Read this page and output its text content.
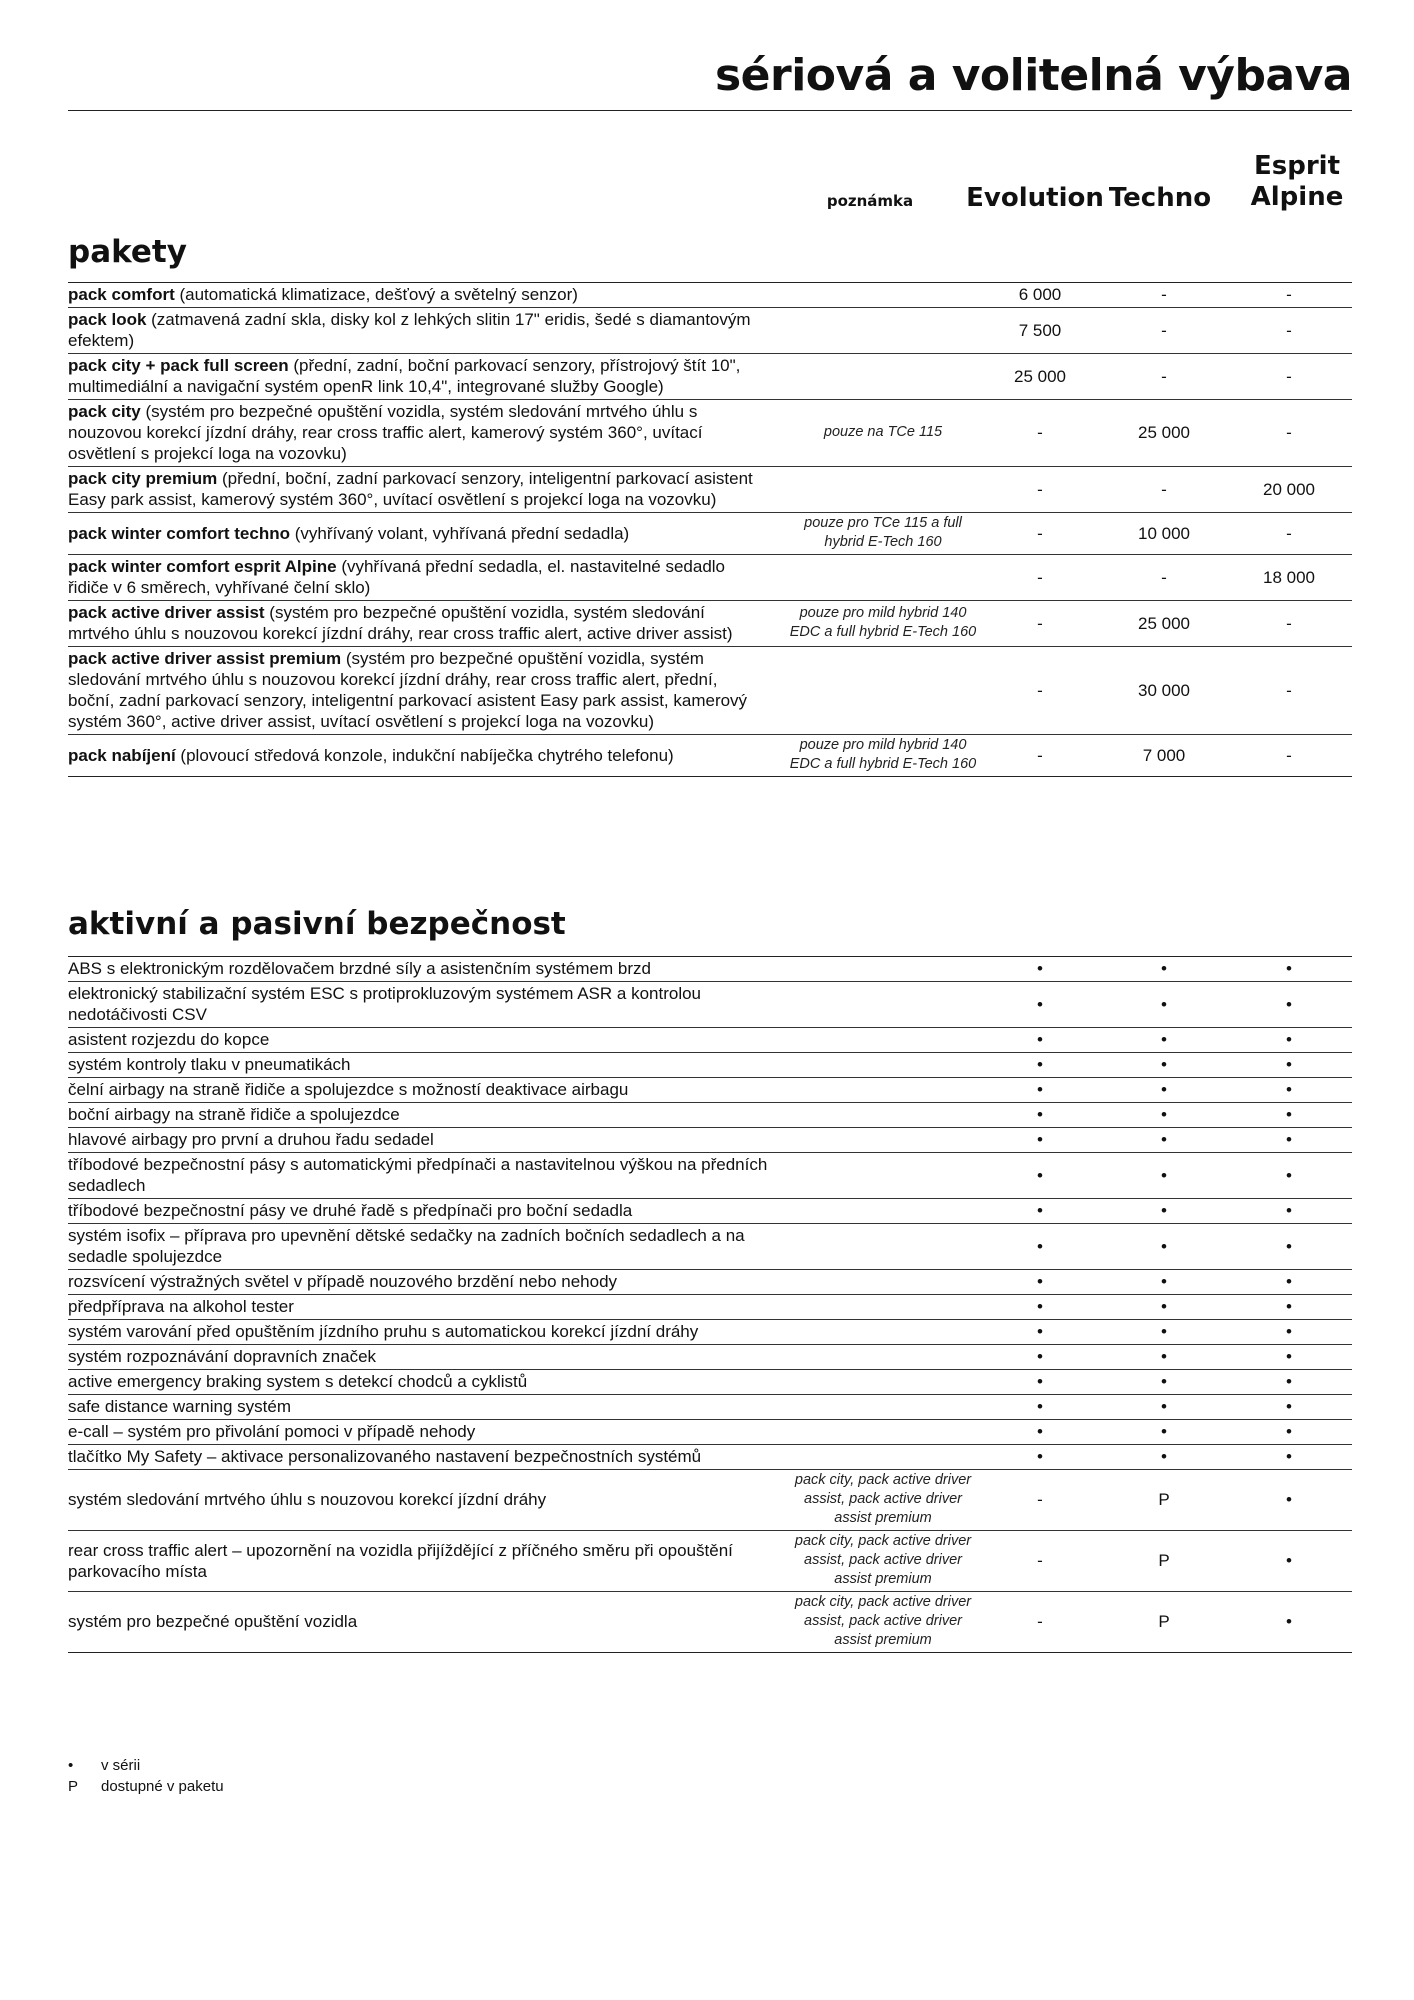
sériová a volitelná výbava
poznámka	Evolution Techno
Esprit
Alpine
pakety
pack comfort (automatická klimatizace, dešťový a světelný senzor)		6 000	-	-
pack look (zatmavená zadní skla, disky kol z lehkých slitin 17" eridis, šedé s diamantovým efektem)		7 500	-	-
pack city + pack full screen (přední, zadní, boční parkovací senzory, přístrojový štít 10", multimediální a navigační systém openR link 10,4", integrované služby Google)		25 000	-	-
pack city (systém pro bezpečné opuštění vozidla, systém sledování mrtvého úhlu s nouzovou korekcí jízdní dráhy, rear cross traffic alert, kamerový systém 360°, uvítací osvětlení s projekcí loga na vozovku)	pouze na TCe 115	-	25 000	-
pack city premium (přední, boční, zadní parkovací senzory, inteligentní parkovací asistent Easy park assist, kamerový systém 360°, uvítací osvětlení s projekcí loga na vozovku)		-	-	20 000
pack winter comfort techno (vyhřívaný volant, vyhřívaná přední sedadla)	pouze pro TCe 115 a full hybrid E-Tech 160	-	10 000	-
pack winter comfort esprit Alpine (vyhřívaná přední sedadla, el. nastavitelné sedadlo řidiče v 6 směrech, vyhřívané čelní sklo)		-	-	18 000
pack active driver assist (systém pro bezpečné opuštění vozidla, systém sledování mrtvého úhlu s nouzovou korekcí jízdní dráhy, rear cross traffic alert, active driver assist)	pouze pro mild hybrid 140 EDC a full hybrid E-Tech 160	-	25 000	-
pack active driver assist premium (systém pro bezpečné opuštění vozidla, systém sledování mrtvého úhlu s nouzovou korekcí jízdní dráhy, rear cross traffic alert, přední, boční, zadní parkovací senzory, inteligentní parkovací asistent Easy park assist, kamerový systém 360°, active driver assist, uvítací osvětlení s projekcí loga na vozovku)		-	30 000	-
pack nabíjení (plovoucí středová konzole, indukční nabíječka chytrého telefonu)	pouze pro mild hybrid 140 EDC a full hybrid E-Tech 160	-	7 000	-
aktivní a pasivní bezpečnost
ABS s elektronickým rozdělovačem brzdné síly a asistenčním systémem brzd		•	•	•
elektronický stabilizační systém ESC s protiprokluzovým systémem ASR a kontrolou nedotáčivosti CSV		•	•	•
asistent rozjezdu do kopce		•	•	•
systém kontroly tlaku v pneumatikách		•	•	•
čelní airbagy na straně řidiče a spolujezdce s možností deaktivace airbagu		•	•	•
boční airbagy na straně řidiče a spolujezdce		•	•	•
hlavové airbagy pro první a druhou řadu sedadel		•	•	•
tříbodové bezpečnostní pásy s automatickými předpínači a nastavitelnou výškou na předních sedadlech		•	•	•
tříbodové bezpečnostní pásy ve druhé řadě s předpínači pro boční sedadla		•	•	•
systém isofix – příprava pro upevnění dětské sedačky na zadních bočních sedadlech a na sedadle spolujezdce		•	•	•
rozsvícení výstražných světel v případě nouzového brzdění nebo nehody		•	•	•
předpříprava na alkohol tester		•	•	•
systém varování před opuštěním jízdního pruhu s automatickou korekcí jízdní dráhy		•	•	•
systém rozpoznávání dopravních značek		•	•	•
active emergency braking system s detekcí chodců a cyklistů		•	•	•
safe distance warning systém		•	•	•
e-call – systém pro přivolání pomoci v případě nehody		•	•	•
tlačítko My Safety – aktivace personalizovaného nastavení bezpečnostních systémů		•	•	•
systém sledování mrtvého úhlu s nouzovou korekcí jízdní dráhy	pack city, pack active driver assist, pack active driver assist premium	-	P	•
rear cross traffic alert – upozornění na vozidla přijíždějící z příčného směru při opouštění parkovacího místa	pack city, pack active driver assist, pack active driver assist premium	-	P	•
systém pro bezpečné opuštění vozidla	pack city, pack active driver assist, pack active driver assist premium	-	P	•
•	v sérii
P	dostupné v paketu
